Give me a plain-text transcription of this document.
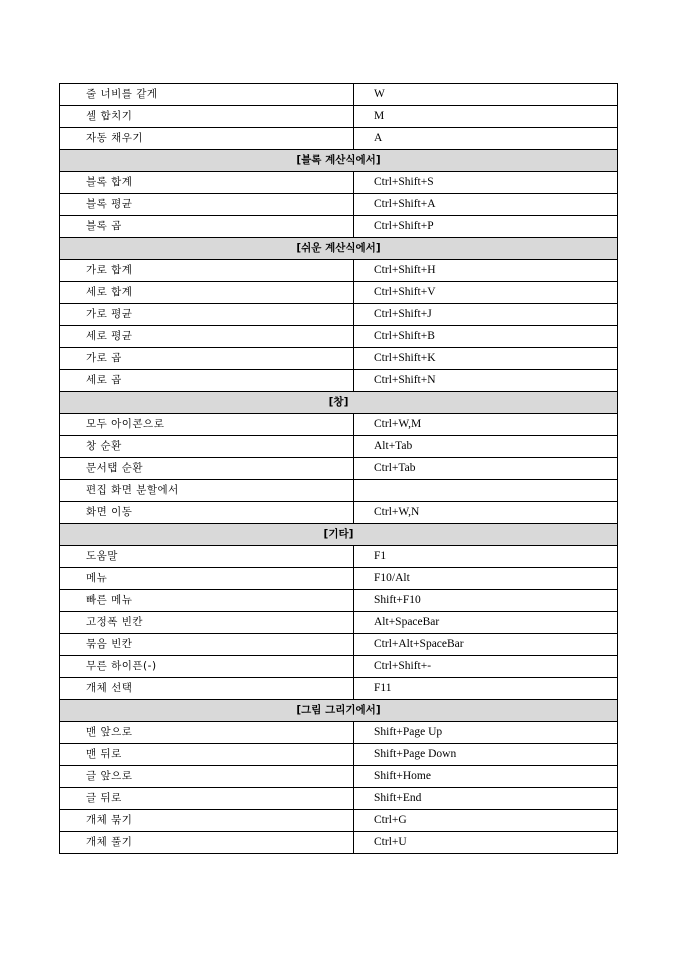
줄 너비를 같게	W
셀 합치기	M
자동 채우기	A
[블록 계산식에서]	
블록 합계	Ctrl+Shift+S
블록 평균	Ctrl+Shift+A
블록 곱	Ctrl+Shift+P
[쉬운 계산식에서]	
가로 합계	Ctrl+Shift+H
세로 합계	Ctrl+Shift+V
가로 평균	Ctrl+Shift+J
세로 평균	Ctrl+Shift+B
가로 곱	Ctrl+Shift+K
세로 곱	Ctrl+Shift+N
[창]	
모두 아이콘으로	Ctrl+W,M
창 순환	Alt+Tab
문서탭 순환	Ctrl+Tab
편집 화면 분할에서	
화면 이동	Ctrl+W,N
[기타]	
도움말	F1
메뉴	F10/Alt
빠른 메뉴	Shift+F10
고정폭 빈칸	Alt+SpaceBar
묶음 빈칸	Ctrl+Alt+SpaceBar
무른 하이픈(-)	Ctrl+Shift+-
개체 선택	F11
[그림 그리기에서]	
맨 앞으로	Shift+Page Up
맨 뒤로	Shift+Page Down
글 앞으로	Shift+Home
글 뒤로	Shift+End
개체 묶기	Ctrl+G
개체 풀기	Ctrl+U
